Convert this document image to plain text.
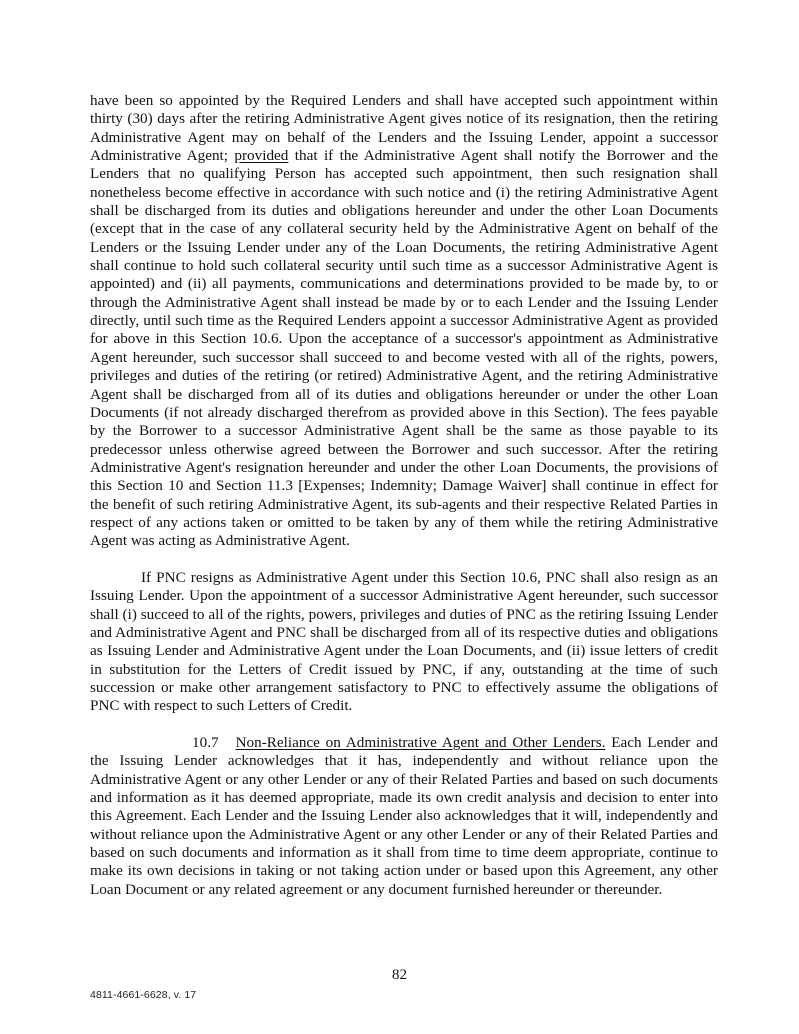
have been so appointed by the Required Lenders and shall have accepted such appointment within thirty (30) days after the retiring Administrative Agent gives notice of its resignation, then the retiring Administrative Agent may on behalf of the Lenders and the Issuing Lender, appoint a successor Administrative Agent; provided that if the Administrative Agent shall notify the Borrower and the Lenders that no qualifying Person has accepted such appointment, then such resignation shall nonetheless become effective in accordance with such notice and (i) the retiring Administrative Agent shall be discharged from its duties and obligations hereunder and under the other Loan Documents (except that in the case of any collateral security held by the Administrative Agent on behalf of the Lenders or the Issuing Lender under any of the Loan Documents, the retiring Administrative Agent shall continue to hold such collateral security until such time as a successor Administrative Agent is appointed) and (ii) all payments, communications and determinations provided to be made by, to or through the Administrative Agent shall instead be made by or to each Lender and the Issuing Lender directly, until such time as the Required Lenders appoint a successor Administrative Agent as provided for above in this Section 10.6. Upon the acceptance of a successor's appointment as Administrative Agent hereunder, such successor shall succeed to and become vested with all of the rights, powers, privileges and duties of the retiring (or retired) Administrative Agent, and the retiring Administrative Agent shall be discharged from all of its duties and obligations hereunder or under the other Loan Documents (if not already discharged therefrom as provided above in this Section). The fees payable by the Borrower to a successor Administrative Agent shall be the same as those payable to its predecessor unless otherwise agreed between the Borrower and such successor. After the retiring Administrative Agent's resignation hereunder and under the other Loan Documents, the provisions of this Section 10 and Section 11.3 [Expenses; Indemnity; Damage Waiver] shall continue in effect for the benefit of such retiring Administrative Agent, its sub-agents and their respective Related Parties in respect of any actions taken or omitted to be taken by any of them while the retiring Administrative Agent was acting as Administrative Agent.

If PNC resigns as Administrative Agent under this Section 10.6, PNC shall also resign as an Issuing Lender. Upon the appointment of a successor Administrative Agent hereunder, such successor shall (i) succeed to all of the rights, powers, privileges and duties of PNC as the retiring Issuing Lender and Administrative Agent and PNC shall be discharged from all of its respective duties and obligations as Issuing Lender and Administrative Agent under the Loan Documents, and (ii) issue letters of credit in substitution for the Letters of Credit issued by PNC, if any, outstanding at the time of such succession or make other arrangement satisfactory to PNC to effectively assume the obligations of PNC with respect to such Letters of Credit.

10.7 Non-Reliance on Administrative Agent and Other Lenders. Each Lender and the Issuing Lender acknowledges that it has, independently and without reliance upon the Administrative Agent or any other Lender or any of their Related Parties and based on such documents and information as it has deemed appropriate, made its own credit analysis and decision to enter into this Agreement. Each Lender and the Issuing Lender also acknowledges that it will, independently and without reliance upon the Administrative Agent or any other Lender or any of their Related Parties and based on such documents and information as it shall from time to time deem appropriate, continue to make its own decisions in taking or not taking action under or based upon this Agreement, any other Loan Document or any related agreement or any document furnished hereunder or thereunder.

82
4811-4661-6628, v. 17
